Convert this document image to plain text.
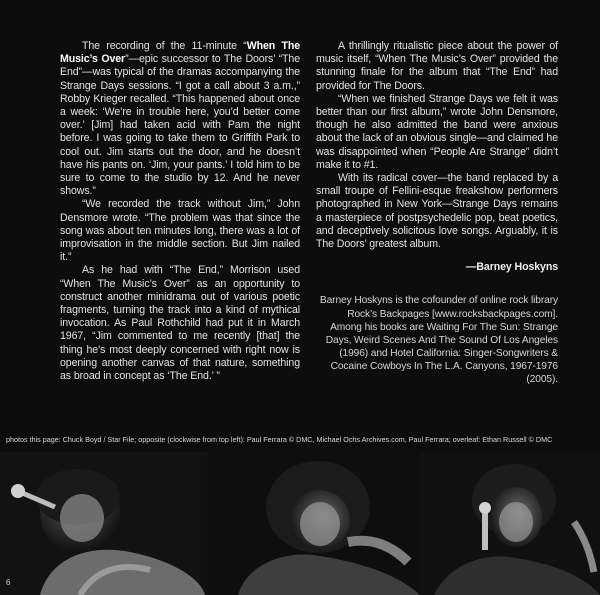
The recording of the 11-minute “When The Music’s Over”—epic successor to The Doors’ “The End”—was typical of the dramas accompanying the Strange Days sessions. “I got a call about 3 a.m.,” Robby Krieger recalled. “This happened about once a week: ‘We’re in trouble here, you’d better come over.’ [Jim] had taken acid with Pam the night before. I was going to take them to Griffith Park to cool out. Jim starts out the door, and he doesn’t have his pants on. ‘Jim, your pants.’ I told him to be sure to come to the studio by 12. And he never shows.”

“We recorded the track without Jim,” John Densmore wrote. “The problem was that since the song was about ten minutes long, there was a lot of improvisation in the middle section. But Jim nailed it.”

As he had with “The End,” Morrison used “When The Music’s Over” as an opportunity to construct another minidrama out of various poetic fragments, turning the track into a kind of mythical invocation. As Paul Rothchild had put it in March 1967, “Jim commented to me recently [that] the thing he’s most deeply concerned with right now is opening another canvas of that nature, something as broad in concept as ‘The End.’ ”

A thrillingly ritualistic piece about the power of music itself, “When The Music’s Over” provided the stunning finale for the album that “The End” had provided for The Doors.

“When we finished Strange Days we felt it was better than our first album,” wrote John Densmore, though he also admitted the band were anxious about the lack of an obvious single—and claimed he was disappointed when “People Are Strange” didn’t make it to #1.

With its radical cover—the band replaced by a small troupe of Fellini-esque freakshow performers photographed in New York—Strange Days remains a masterpiece of postpsychedelic pop, beat poetics, and deceptively solicitous love songs. Arguably, it is The Doors’ greatest album.

—Barney Hoskyns
Barney Hoskyns is the cofounder of online rock library Rock’s Backpages [www.rocksbackpages.com]. Among his books are Waiting For The Sun: Strange Days, Weird Scenes And The Sound Of Los Angeles (1996) and Hotel California: Singer-Songwriters & Cocaine Cowboys In The L.A. Canyons, 1967-1976 (2005).
photos this page: Chuck Boyd / Star File; opposite (clockwise from top left): Paul Ferrara © DMC, Michael Ochs Archives.com, Paul Ferrara; overleaf: Ethan Russell © DMC
6
